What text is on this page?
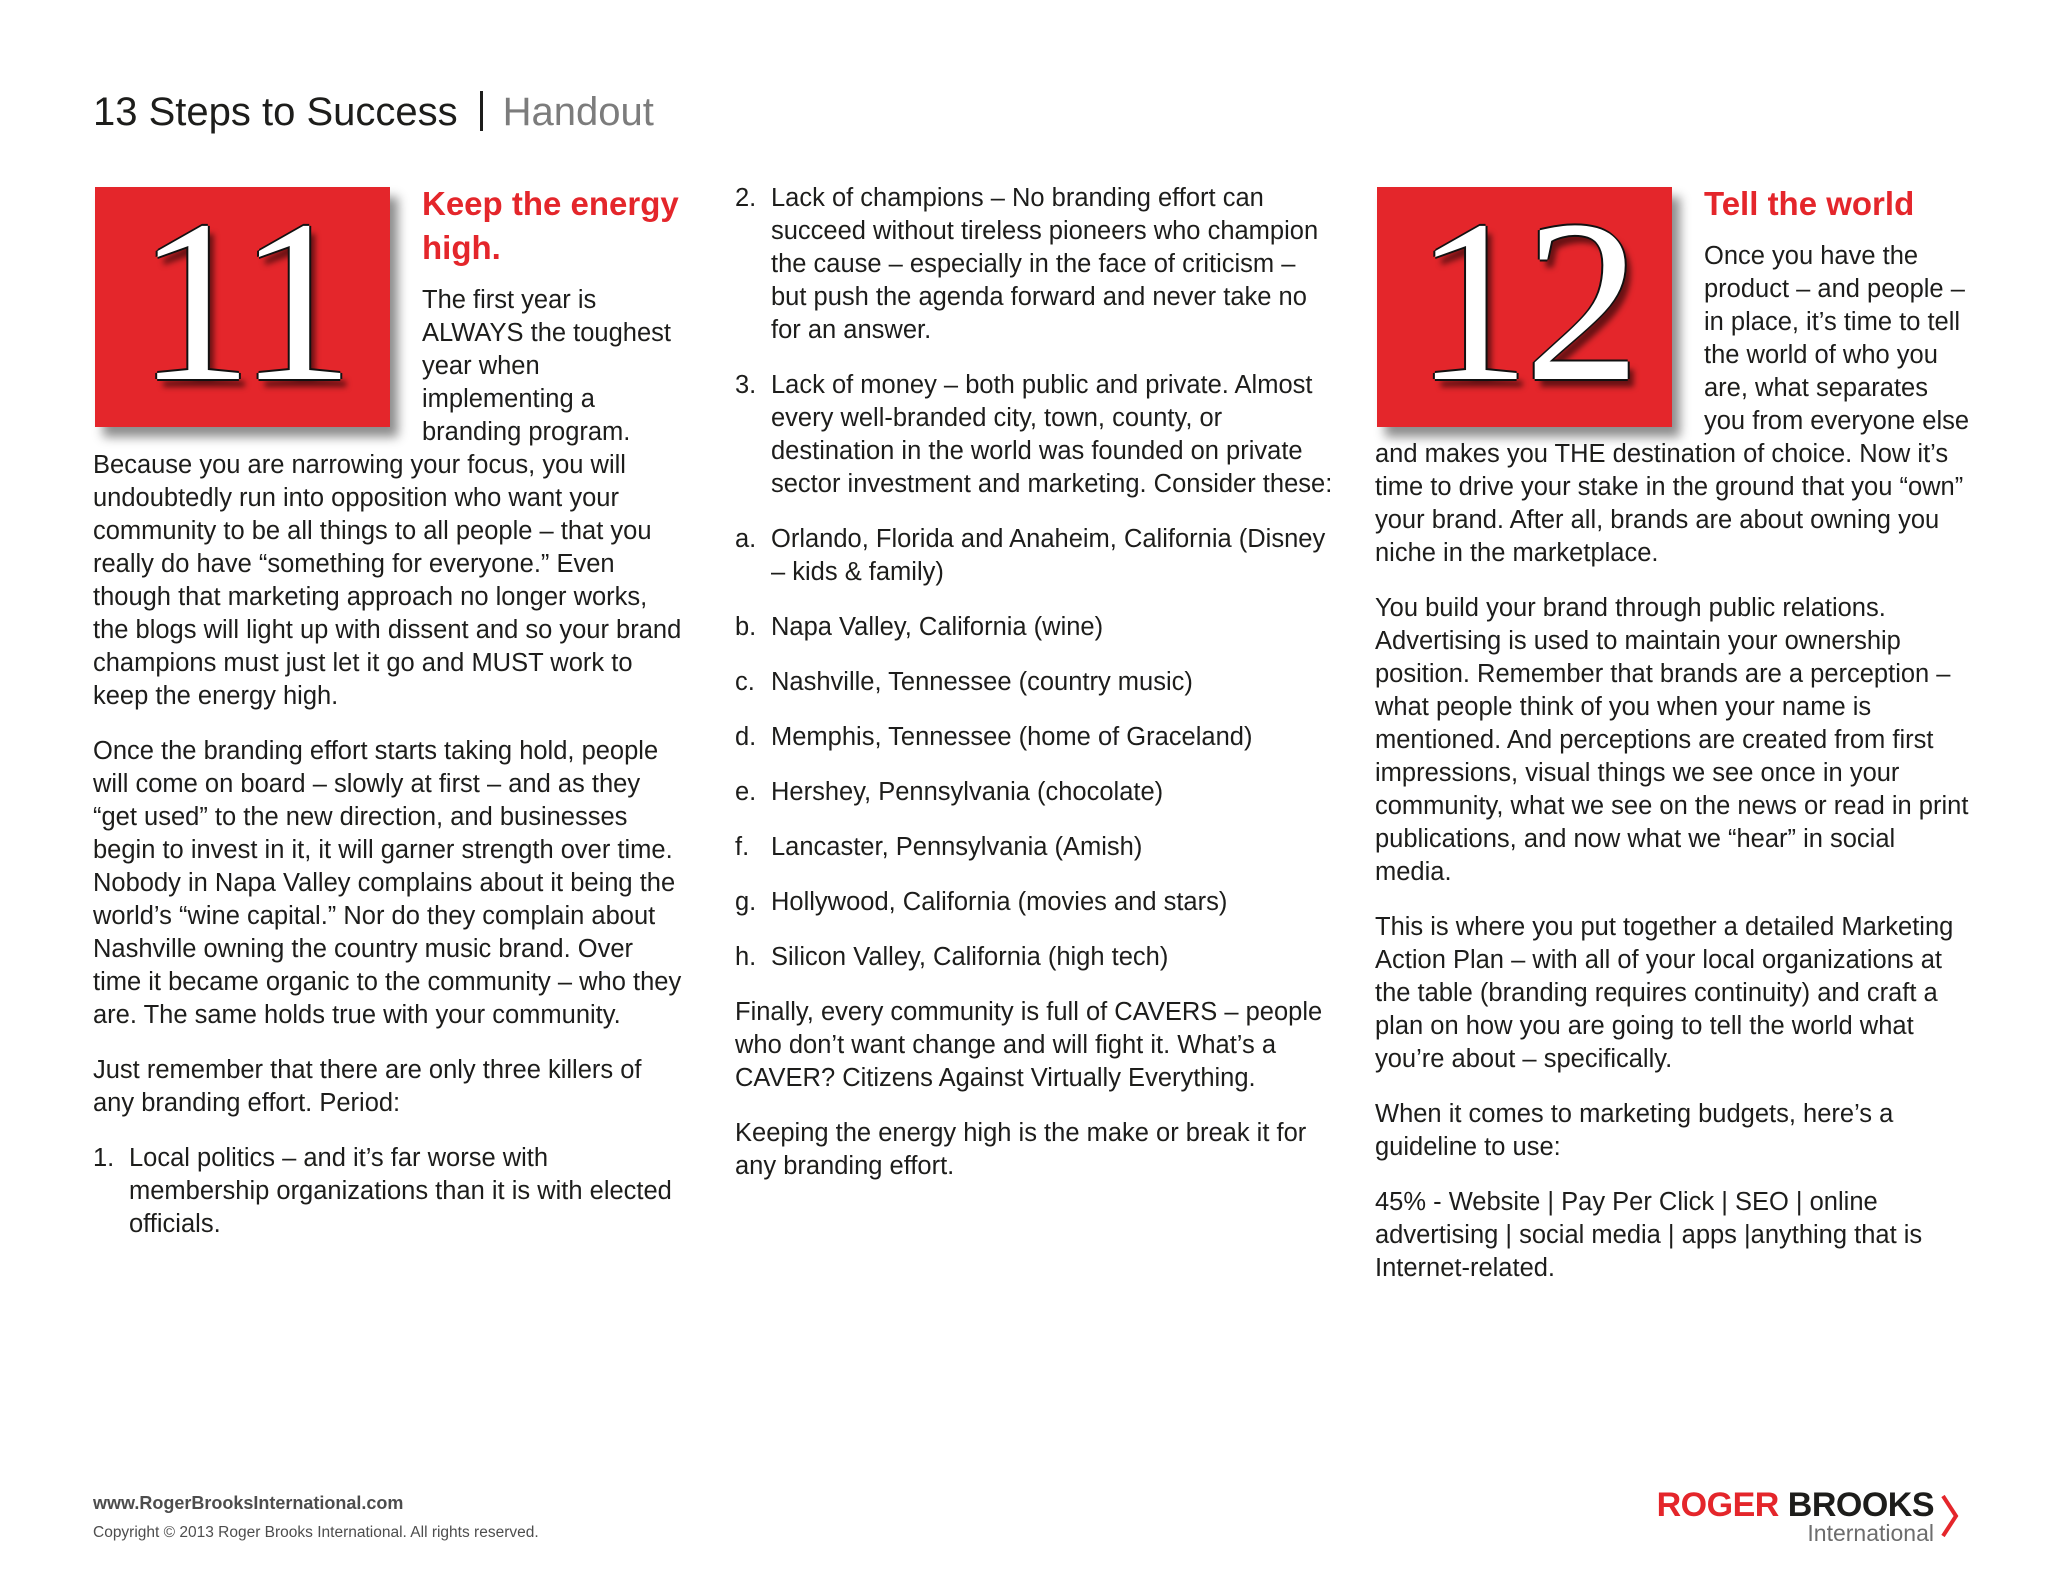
13 Steps to Success Handout
11	Keep the energy high.

The first year is ALWAYS the toughest year when implementing a branding program. Because you are narrowing your focus, you will undoubtedly run into opposition who want your community to be all things to all people – that you really do have “something for everyone.” Even though that marketing approach no longer works, the blogs will light up with dissent and so your brand champions must just let it go and MUST work to keep the energy high.

Once the branding effort starts taking hold, people will come on board – slowly at first – and as they “get used” to the new direction, and businesses begin to invest in it, it will garner strength over time. Nobody in Napa Valley complains about it being the world’s “wine capital.” Nor do they complain about Nashville owning the country music brand. Over time it became organic to the community – who they are. The same holds true with your community.

Just remember that there are only three killers of any branding effort. Period:

1. Local politics – and it’s far worse with membership organizations than it is with elected officials.
2. Lack of champions – No branding effort can succeed without tireless pioneers who champion the cause – especially in the face of criticism – but push the agenda forward and never take no for an answer.
3. Lack of money – both public and private. Almost every well-branded city, town, county, or destination in the world was founded on private sector investment and marketing. Consider these:
a. Orlando, Florida and Anaheim, California (Disney – kids & family)
b. Napa Valley, California (wine)
c. Nashville, Tennessee (country music)
d. Memphis, Tennessee (home of Graceland)
e. Hershey, Pennsylvania (chocolate)
f. Lancaster, Pennsylvania (Amish)
g. Hollywood, California (movies and stars)
h. Silicon Valley, California (high tech)

Finally, every community is full of CAVERS – people who don’t want change and will fight it. What’s a CAVER? Citizens Against Virtually Everything.

Keeping the energy high is the make or break it for any branding effort.

12	Tell the world

Once you have the product – and people – in place, it’s time to tell the world of who you are, what separates you from everyone else and makes you THE destination of choice. Now it’s time to drive your stake in the ground that you “own” your brand. After all, brands are about owning you niche in the marketplace.

You build your brand through public relations. Advertising is used to maintain your ownership position. Remember that brands are a perception – what people think of you when your name is mentioned. And perceptions are created from first impressions, visual things we see once in your community, what we see on the news or read in print publications, and now what we “hear” in social media.

This is where you put together a detailed Marketing Action Plan – with all of your local organizations at the table (branding requires continuity) and craft a plan on how you are going to tell the world what you’re about – specifically.

When it comes to marketing budgets, here’s a guideline to use:

45% - Website | Pay Per Click | SEO | online advertising | social media | apps |anything that is Internet-related.

www.RogerBrooksInternational.com
Copyright © 2013 Roger Brooks International. All rights reserved.
ROGER BROOKS
International
